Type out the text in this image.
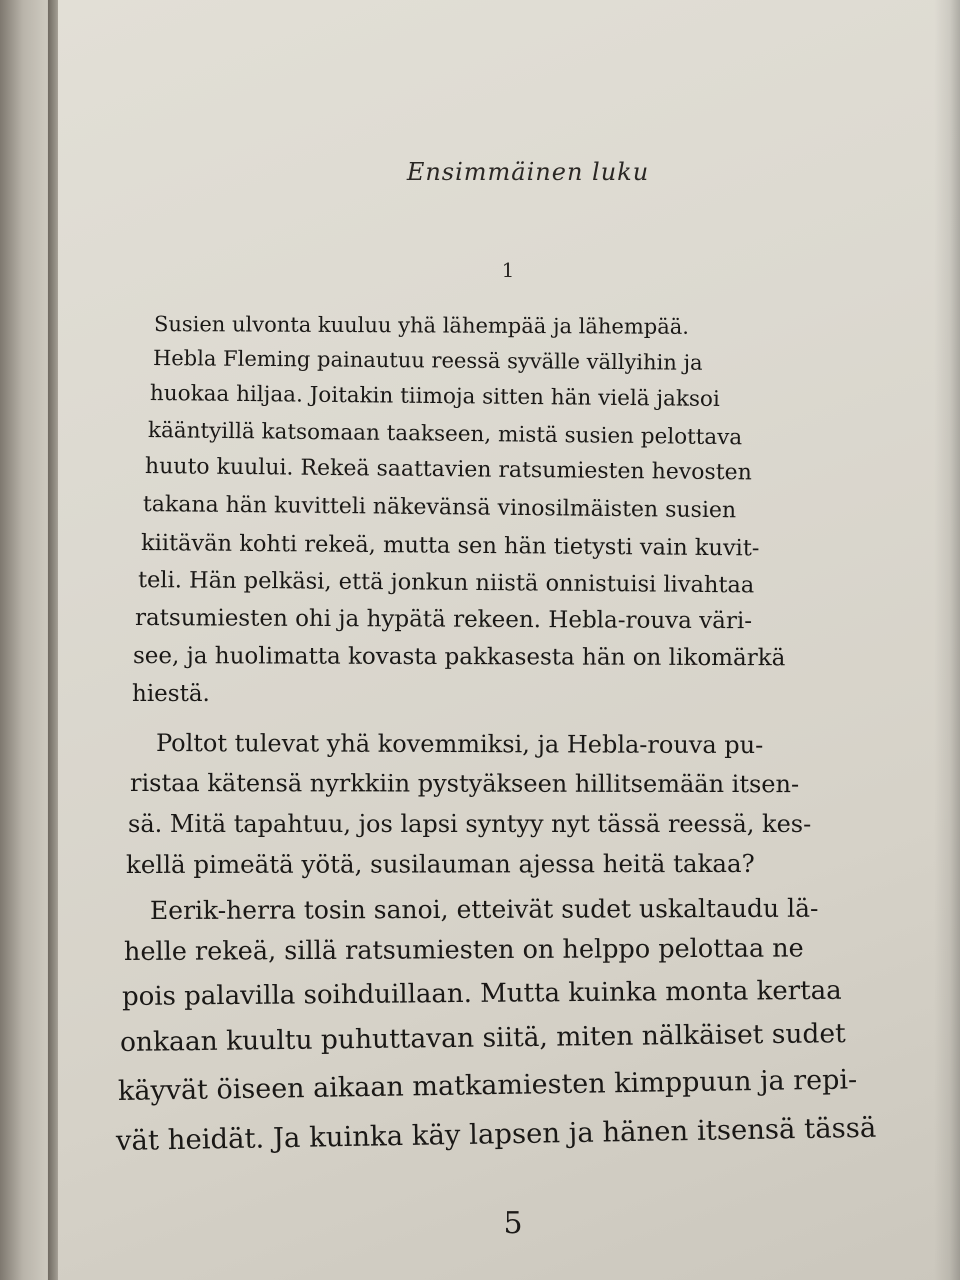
Ensimmäinen luku
1
Susien ulvonta kuuluu yhä lähempää ja lähempää.
Hebla Fleming painautuu reessä syvälle vällyihin ja
huokaa hiljaa. Joitakin tiimoja sitten hän vielä jaksoi
kääntyillä katsomaan taakseen, mistä susien pelottava
huuto kuului. Rekeä saattavien ratsumiesten hevosten
takana hän kuvitteli näkevänsä vinosilmäisten susien
kiitävän kohti rekeä, mutta sen hän tietysti vain kuvit-
teli. Hän pelkäsi, että jonkun niistä onnistuisi livahtaa
ratsumiesten ohi ja hypätä rekeen. Hebla-rouva väri-
see, ja huolimatta kovasta pakkasesta hän on likomärkä
hiestä.
Poltot tulevat yhä kovemmiksi, ja Hebla-rouva pu-
ristaa kätensä nyrkkiin pystyäkseen hillitsemään itsen-
sä. Mitä tapahtuu, jos lapsi syntyy nyt tässä reessä, kes-
kellä pimeätä yötä, susilauman ajessa heitä takaa?
Eerik-herra tosin sanoi, etteivät sudet uskaltaudu lä-
helle rekeä, sillä ratsumiesten on helppo pelottaa ne
pois palavilla soihduillaan. Mutta kuinka monta kertaa
onkaan kuultu puhuttavan siitä, miten nälkäiset sudet
käyvät öiseen aikaan matkamiesten kimppuun ja repi-
vät heidät. Ja kuinka käy lapsen ja hänen itsensä tässä
5
